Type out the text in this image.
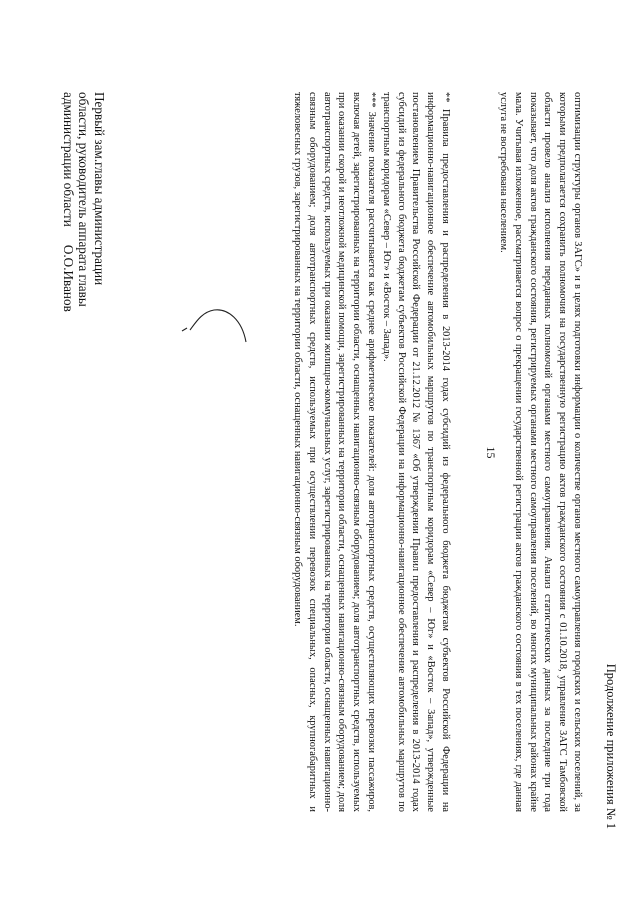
Продолжение приложения № 1
15	оптимизации структуры органов ЗАГС» и в целях подготовки информации о количестве органов местного самоуправления городских и сельских поселений, за которыми предполагается сохранить полномочия на государственную регистрацию актов гражданского состояния с 01.10.2018, управление ЗАГС Тамбовской области провело анализ исполнения переданных полномочий органами местного самоуправления. Анализ статистических данных за последние три года показывает, что доля актов гражданского состояния, регистрируемых органами местного самоуправления поселений, во многих муниципальных районах крайне мала. Учитывая изложенное, рассматривается вопрос о прекращении государственной регистрации актов гражданского состояния в тех поселениях, где данная услуга не востребована населением.
** Правила предоставления и распределения в 2013-2014 годах субсидий из федерального бюджета бюджетам субъектов Российской Федерации на информационно-навигационное обеспечение автомобильных маршрутов по транспортным коридорам «Север – Юг» и «Восток – Запад», утвержденные постановлением Правительства Российской Федерации от 21.12.2012 № 1367 «Об утверждении Правил предоставления и распределения в 2013-2014 годах субсидий из федерального бюджета бюджетам субъектов Российской Федерации на информационно-навигационное обеспечение автомобильных маршрутов по транспортным коридорам «Север – Юг» и «Восток – Запад».
*** Значение показателя рассчитывается как среднее арифметическое показателей: доля автотранспортных средств, осуществляющих перевозки пассажиров, включая детей, зарегистрированных на территории области, оснащенных навигационно-связным оборудованием; доля автотранспортных средств, используемых при оказании скорой и неотложной медицинской помощи, зарегистрированных на территории области, оснащенных навигационно-связным оборудованием; доля автотранспортных средств, используемых при оказании жилищно-коммунальных услуг, зарегистрированных на территории области, оснащенных навигационно-связным оборудованием; доля автотранспортных средств, используемых при осуществлении перевозок специальных, опасных, крупногабаритных и тяжеловесных грузов, зарегистрированных на территории области, оснащенных навигационно-связным оборудованием.
Первый зам.главы администрации
области, руководитель аппарата главы
администрации областиО.О.Иванов
